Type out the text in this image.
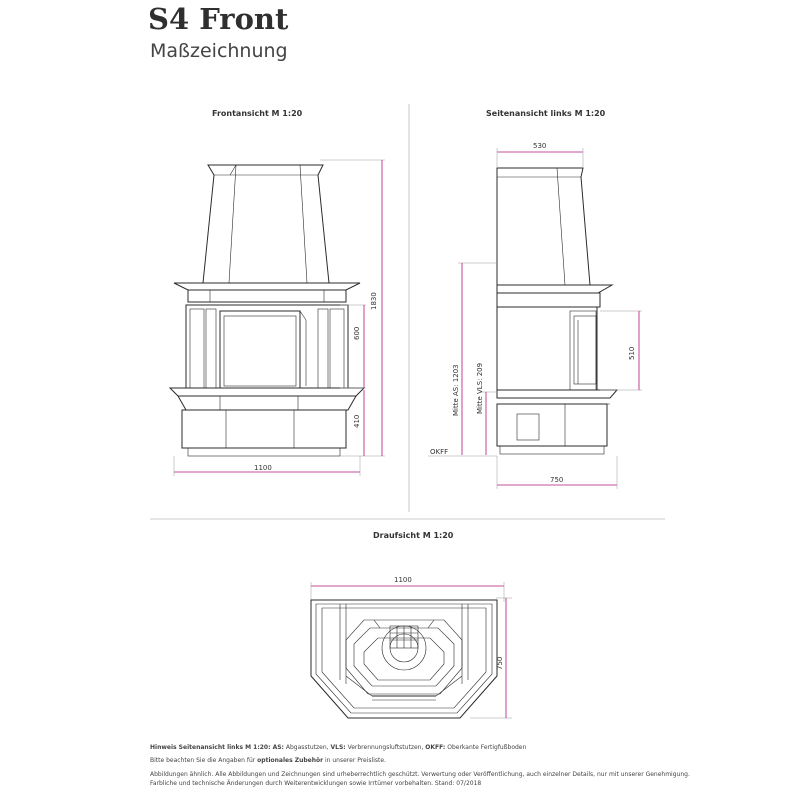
S4 Front
Maßzeichnung
Frontansicht M 1:20	Seitenansicht links M 1:20
Draufsicht M 1:20
1830
600
410
1100
530
510
Mitte AS: 1203 Mitte VLS: 209
OKFF
750
1100
750
Hinweis Seitenansicht links M 1:20: AS: Abgasstutzen, VLS: Verbrennungsluftstutzen, OKFF: Oberkante Fertigfußboden
Bitte beachten Sie die Angaben für optionales Zubehör in unserer Preisliste.
Abbildungen ähnlich. Alle Abbildungen und Zeichnungen sind urheberrechtlich geschützt. Verwertung oder Veröffentlichung, auch einzelner Details, nur mit unserer Genehmigung.
Farbliche und technische Änderungen durch Weiterentwicklungen sowie Irrtümer vorbehalten. Stand: 07/2018
